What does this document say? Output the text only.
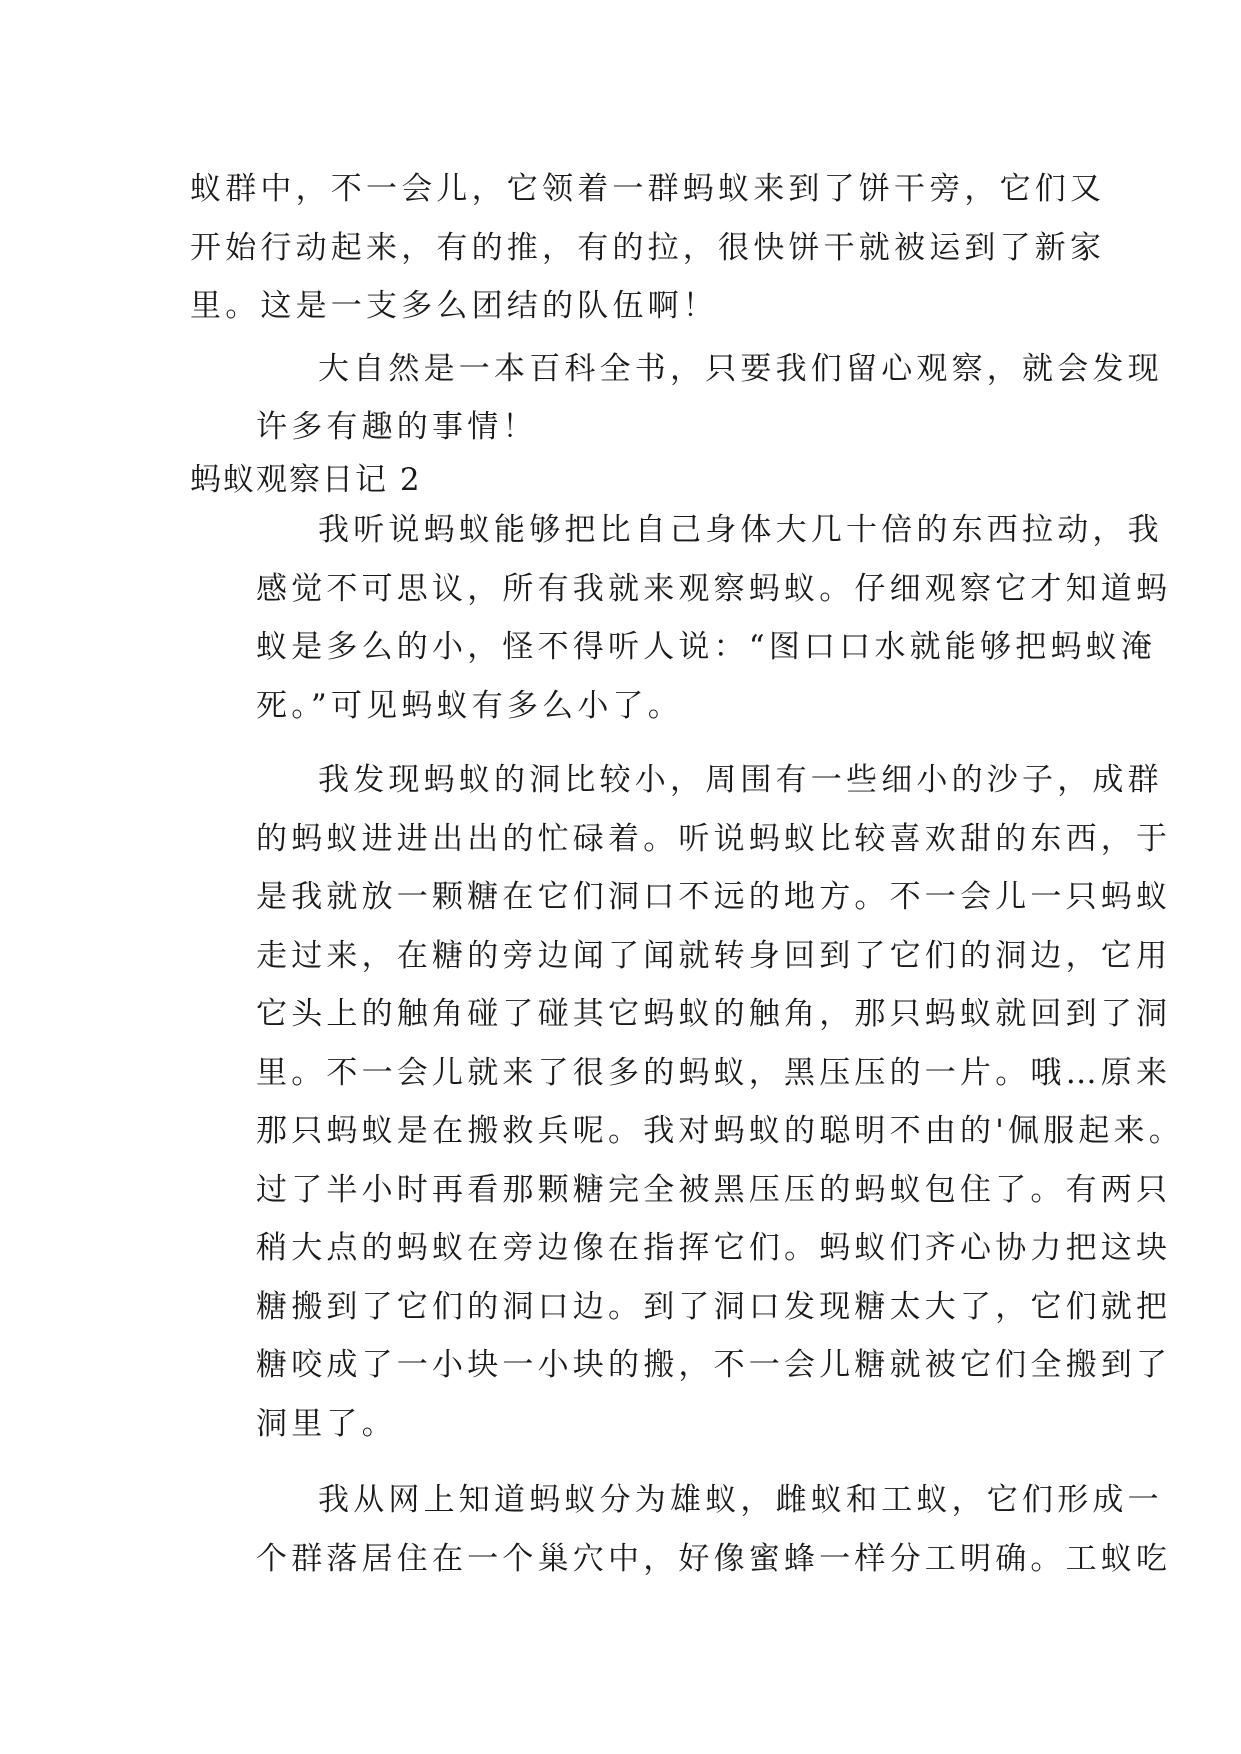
蚁群中，不一会儿，它领着一群蚂蚁来到了饼干旁，它们又
开始行动起来，有的推，有的拉，很快饼干就被运到了新家
里。这是一支多么团结的队伍啊！
大自然是一本百科全书，只要我们留心观察，就会发现
许多有趣的事情！
蚂蚁观察日记 2
我听说蚂蚁能够把比自己身体大几十倍的东西拉动，我
感觉不可思议，所有我就来观察蚂蚁。仔细观察它才知道蚂
蚁是多么的小，怪不得听人说：“图口口水就能够把蚂蚁淹
死。”可见蚂蚁有多么小了。
我发现蚂蚁的洞比较小，周围有一些细小的沙子，成群
的蚂蚁进进出出的忙碌着。听说蚂蚁比较喜欢甜的东西，于
是我就放一颗糖在它们洞口不远的地方。不一会儿一只蚂蚁
走过来，在糖的旁边闻了闻就转身回到了它们的洞边，它用
它头上的触角碰了碰其它蚂蚁的触角，那只蚂蚁就回到了洞
里。不一会儿就来了很多的蚂蚁，黑压压的一片。哦…原来
那只蚂蚁是在搬救兵呢。我对蚂蚁的聪明不由的'佩服起来。
过了半小时再看那颗糖完全被黑压压的蚂蚁包住了。有两只
稍大点的蚂蚁在旁边像在指挥它们。蚂蚁们齐心协力把这块
糖搬到了它们的洞口边。到了洞口发现糖太大了，它们就把
糖咬成了一小块一小块的搬，不一会儿糖就被它们全搬到了
洞里了。
我从网上知道蚂蚁分为雄蚁，雌蚁和工蚁，它们形成一
个群落居住在一个巢穴中，好像蜜蜂一样分工明确。工蚁吃
